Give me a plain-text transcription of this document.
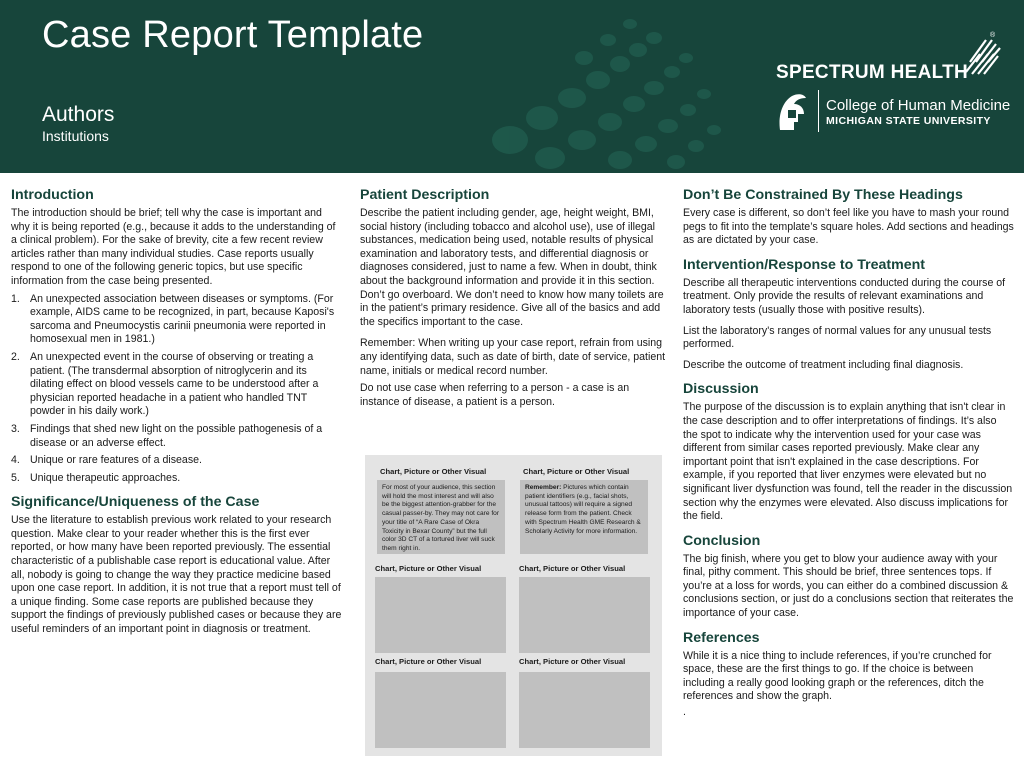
Case Report Template
Authors
Institutions
®
SPECTRUM HEALTH
College of Human Medicine
MICHIGAN STATE UNIVERSITY
Introduction

The introduction should be brief; tell why the case is important and why it is being reported (e.g., because it adds to the understanding of a clinical problem). For the sake of brevity, cite a few recent review articles rather than many individual studies. Case reports usually respond to one of the following generic topics, but use specific information from the case being presented.

1. An unexpected association between diseases or symptoms. (For example, AIDS came to be recognized, in part, because Kaposi's sarcoma and Pneumocystis carinii pneumonia were reported in homosexual men in 1981.)
2. An unexpected event in the course of observing or treating a patient. (The transdermal absorption of nitroglycerin and its dilating effect on blood vessels came to be understood after a physician reported headache in a patient who handled TNT powder in his daily work.)
3. Findings that shed new light on the possible pathogenesis of a disease or an adverse effect.
4. Unique or rare features of a disease.
5. Unique therapeutic approaches.
Significance/Uniqueness of the Case

Use the literature to establish previous work related to your research question. Make clear to your reader whether this is the first ever reported, or how many have been reported previously. The essential characteristic of a publishable case report is educational value. After all, nobody is going to change the way they practice medicine based upon one case report. In addition, it is not true that a report must tell of a unique finding. Some case reports are published because they support the findings of previously published cases or because they are useful reminders of an important point in diagnosis or treatment.

Patient Description

Describe the patient including gender, age, height weight, BMI, social history (including tobacco and alcohol use), use of illegal substances, medication being used, notable results of physical examination and laboratory tests, and differential diagnosis or diagnoses considered, just to name a few. When in doubt, think about the background information and provide it in this section. Don’t go overboard. We don’t need to know how many toilets are in the patient’s primary residence. Give all of the basics and add the specifics important to the case.

Remember: When writing up your case report, refrain from using any identifying data, such as date of birth, date of service, patient name, initials or medical record number.

Do not use case when referring to a person - a case is an instance of disease, a patient is a person.

Chart, Picture or Other Visual	Chart, Picture or Other Visual
For most of your audience, this section will hold the most interest and will also be the biggest attention-grabber for the casual passer-by. They may not care for your title of “A Rare Case of Okra Toxicity in Bexar County” but the full color 3D CT of a tortured liver will suck them right in.
Remember: Pictures which contain patient identifiers (e.g., facial shots, unusual tattoos) will require a signed release form from the patient. Check with Spectrum Health GME Research & Scholarly Activity for more information.
Chart, Picture or Other Visual	Chart, Picture or Other Visual
Chart, Picture or Other Visual	Chart, Picture or Other Visual
Don’t Be Constrained By These Headings

Every case is different, so don’t feel like you have to mash your round pegs to fit into the template’s square holes. Add sections and headings as are dictated by your case.

Intervention/Response to Treatment

Describe all therapeutic interventions conducted during the course of treatment. Only provide the results of relevant examinations and laboratory tests (usually those with positive results).

List the laboratory's ranges of normal values for any unusual tests performed.

Describe the outcome of treatment including final diagnosis.

Discussion

The purpose of the discussion is to explain anything that isn't clear in the case description and to offer interpretations of findings. It’s also the spot to indicate why the intervention used for your case was different from similar cases reported previously. Make clear any important point that isn't explained in the case descriptions. For example, if you reported that liver enzymes were elevated but no significant liver dysfunction was found, tell the reader in the discussion section why the enzymes were elevated. Also discuss implications for the field.

Conclusion

The big finish, where you get to blow your audience away with your final, pithy comment. This should be brief, three sentences tops. If you’re at a loss for words, you can either do a combined discussion & conclusions section, or just do a conclusions section that reiterates the importance of your case.

References

While it is a nice thing to include references, if you’re crunched for space, these are the first things to go. If the choice is between including a really good looking graph or the references, ditch the references and show the graph.

.
